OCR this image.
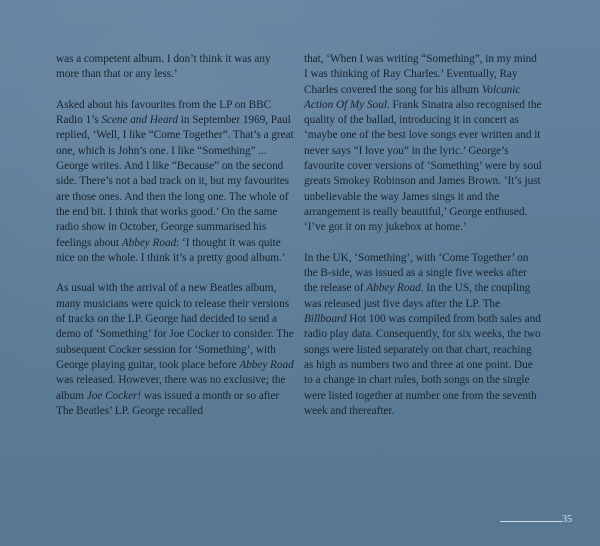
was a competent album. I don’t think it was any more than that or any less.’

Asked about his favourites from the LP on BBC Radio 1’s Scene and Heard in September 1969, Paul replied, ‘Well, I like “Come Together”. That’s a great one, which is John’s one. I like “Something” ... George writes. And I like “Because” on the second side. There’s not a bad track on it, but my favourites are those ones. And then the long one. The whole of the end bit. I think that works good.’ On the same radio show in October, George summarised his feelings about Abbey Road: ‘I thought it was quite nice on the whole. I think it’s a pretty good album.’

As usual with the arrival of a new Beatles album, many musicians were quick to release their versions of tracks on the LP. George had decided to send a demo of ‘Something’ for Joe Cocker to consider. The subsequent Cocker session for ‘Something’, with George playing guitar, took place before Abbey Road was released. However, there was no exclusive; the album Joe Cocker! was issued a month or so after The Beatles’ LP. George recalled

that, ‘When I was writing “Something”, in my mind I was thinking of Ray Charles.’ Eventually, Ray Charles covered the song for his album Volcanic Action Of My Soul. Frank Sinatra also recognised the quality of the ballad, introducing it in concert as ‘maybe one of the best love songs ever written and it never says “I love you” in the lyric.’ George’s favourite cover versions of ‘Something’ were by soul greats Smokey Robinson and James Brown. ‘It’s just unbelievable the way James sings it and the arrangement is really beautiful,’ George enthused. ‘I’ve got it on my jukebox at home.’

In the UK, ‘Something’, with ‘Come Together’ on the B-side, was issued as a single five weeks after the release of Abbey Road. In the US, the coupling was released just five days after the LP. The Billboard Hot 100 was compiled from both sales and radio play data. Consequently, for six weeks, the two songs were listed separately on that chart, reaching as high as numbers two and three at one point. Due to a change in chart rules, both songs on the single were listed together at number one from the seventh week and thereafter.

35
